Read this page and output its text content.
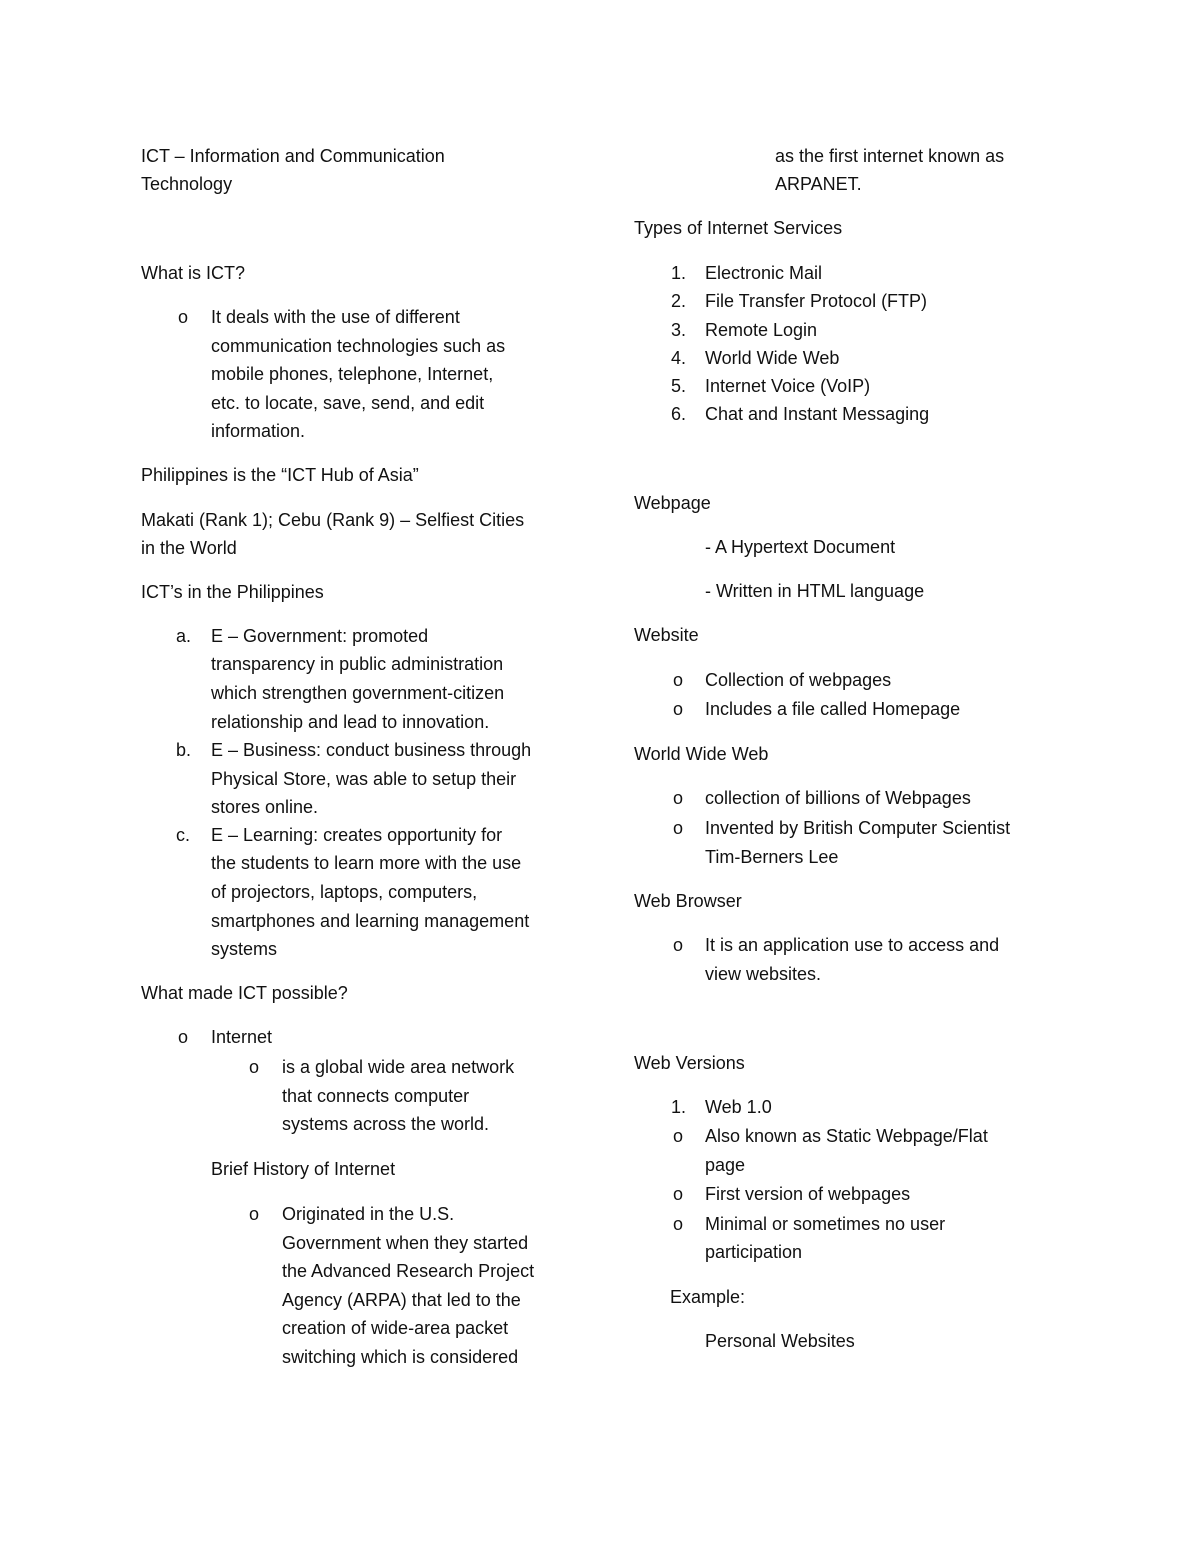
ICT – Information and Communication
Technology
What is ICT?
o It deals with the use of different
communication technologies such as
mobile phones, telephone, Internet,
etc. to locate, save, send, and edit
information.
Philippines is the “ICT Hub of Asia”
Makati (Rank 1); Cebu (Rank 9) – Selfiest Cities
in the World
ICT’s in the Philippines
a. E – Government: promoted
transparency in public administration
which strengthen government-citizen
relationship and lead to innovation.
b. E – Business: conduct business through
Physical Store, was able to setup their
stores online.
c. E – Learning: creates opportunity for
the students to learn more with the use
of projectors, laptops, computers,
smartphones and learning management
systems
What made ICT possible?
o Internet
o is a global wide area network
that connects computer
systems across the world.
Brief History of Internet
o Originated in the U.S.
Government when they started
the Advanced Research Project
Agency (ARPA) that led to the
creation of wide-area packet
switching which is considered
as the first internet known as
ARPANET.
Types of Internet Services
1. Electronic Mail
2. File Transfer Protocol (FTP)
3. Remote Login
4. World Wide Web
5. Internet Voice (VoIP)
6. Chat and Instant Messaging
Webpage
- A Hypertext Document
- Written in HTML language
Website
o Collection of webpages
o Includes a file called Homepage
World Wide Web
o collection of billions of Webpages
o Invented by British Computer Scientist
Tim-Berners Lee
Web Browser
o It is an application use to access and
view websites.
Web Versions
1. Web 1.0
o Also known as Static Webpage/Flat
page
o First version of webpages
o Minimal or sometimes no user
participation
Example:
Personal Websites
